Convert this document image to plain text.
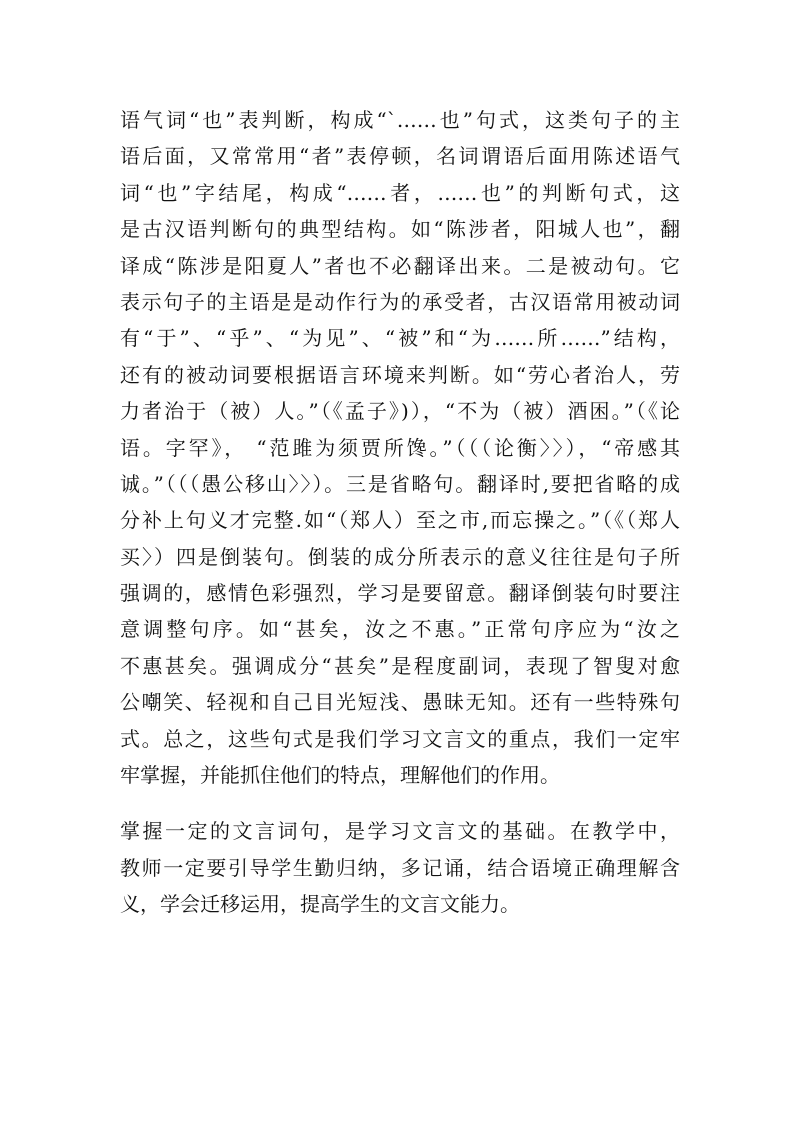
语气词“也”表判断，构成“`……也”句式，这类句子的主
语后面，又常常用“者”表停顿，名词谓语后面用陈述语气
词“也”字结尾，构成“……者，……也”的判断句式，这
是古汉语判断句的典型结构。如“陈涉者，阳城人也”，翻
译成“陈涉是阳夏人”者也不必翻译出来。二是被动句。它
表示句子的主语是是动作行为的承受者，古汉语常用被动词
有“于”、“乎”、“为见”、“被”和“为……所……”结构，
还有的被动词要根据语言环境来判断。如“劳心者治人，劳
力者治于（被）人。”（《孟子》)），“不为（被）酒困。”（《论
语。字罕》， “范雎为须贾所馋。”（（（论衡〉〉），“帝感其
诚。”（（（愚公移山〉〉）。三是省略句。翻译时,要把省略的成
分补上句义才完整.如“（郑人）至之市,而忘操之。”（《（郑人
买〉）四是倒装句。倒装的成分所表示的意义往往是句子所
强调的，感情色彩强烈，学习是要留意。翻译倒装句时要注
意调整句序。如“甚矣，汝之不惠。”正常句序应为“汝之
不惠甚矣。强调成分“甚矣”是程度副词，表现了智叟对愈
公嘲笑、轻视和自己目光短浅、愚昧无知。还有一些特殊句
式。总之，这些句式是我们学习文言文的重点，我们一定牢
牢掌握，并能抓住他们的特点，理解他们的作用。
掌握一定的文言词句，是学习文言文的基础。在教学中，
教师一定要引导学生勤归纳，多记诵，结合语境正确理解含
义，学会迁移运用，提高学生的文言文能力。
